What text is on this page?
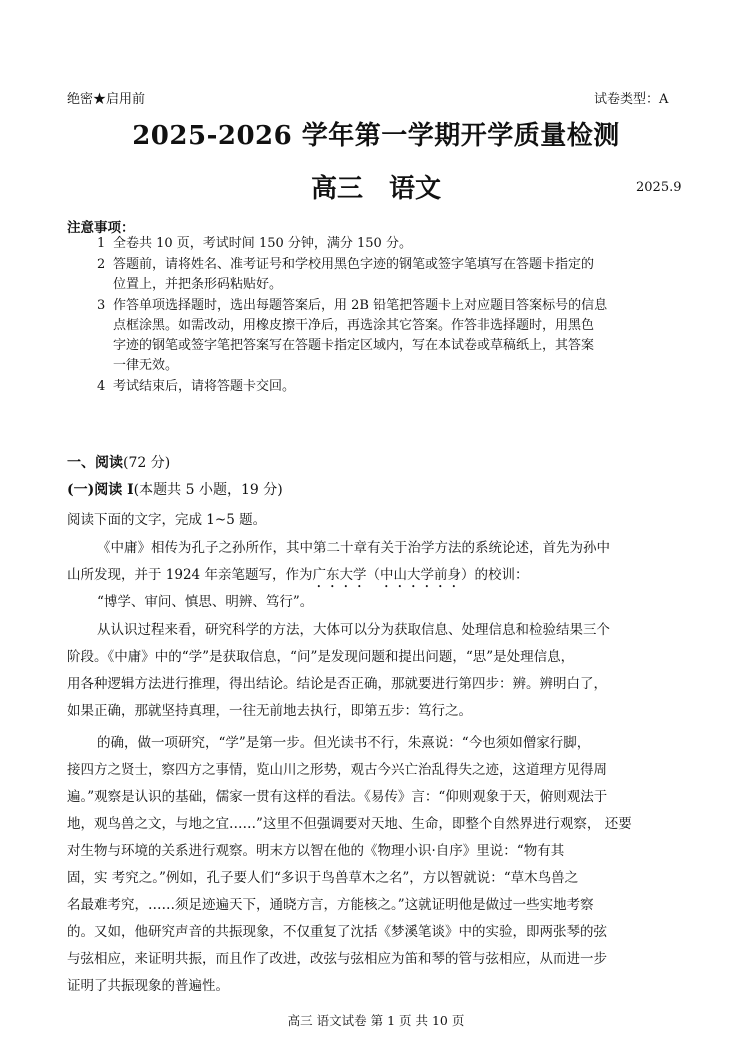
绝密★启用前	试卷类型：A
2025-2026 学年第一学期开学质量检测
高三　语文	2025.9
注意事项：
1 全卷共 10 页，考试时间 150 分钟，满分 150 分。
2 答题前，请将姓名、准考证号和学校用黑色字迹的钢笔或签字笔填写在答题卡指定的
位置上，并把条形码粘贴好。
3 作答单项选择题时，选出每题答案后，用 2B 铅笔把答题卡上对应题目答案标号的信息
点框涂黑。如需改动，用橡皮擦干净后，再选涂其它答案。作答非选择题时，用黑色
字迹的钢笔或签字笔把答案写在答题卡指定区域内，写在本试卷或草稿纸上，其答案
一律无效。
4 考试结束后，请将答题卡交回。
一、阅读(72 分)
(一)阅读 I(本题共 5 小题，19 分)
阅读下面的文字，完成 1~5 题。
《中庸》相传为孔子之孙所作，其中第二十章有关于治学方法的系统论述，首先为孙中
山所发现，并于 1924 年亲笔题写，作为广东大学（中山大学前身）的校训：
“博学、审问、慎思、明辨、笃行”。
从认识过程来看，研究科学的方法，大体可以分为获取信息、处理信息和检验结果三个
阶段。《中庸》中的“学”是获取信息，“问”是发现问题和提出问题，“思”是处理信息，
用各种逻辑方法进行推理，得出结论。结论是否正确，那就要进行第四步：辨。辨明白了，
如果正确，那就坚持真理，一往无前地去执行，即第五步：笃行之。
的确，做一项研究，“学”是第一步。但光读书不行，朱熹说：“今也须如僧家行脚，
接四方之贤士，察四方之事情，览山川之形势，观古今兴亡治乱得失之迹，这道理方见得周
遍。”观察是认识的基础，儒家一贯有这样的看法。《易传》言：“仰则观象于天，俯则观法于
地，观鸟兽之文，与地之宜……”这里不但强调要对天地、生命，即整个自然界进行观察， 还要
对生物与环境的关系进行观察。明末方以智在他的《物理小识·自序》里说：“物有其
固，实 考究之。”例如，孔子要人们“多识于鸟兽草木之名”，方以智就说：“草木鸟兽之
名最难考究，……须足迹遍天下，通晓方言，方能核之。”这就证明他是做过一些实地考察
的。又如，他研究声音的共振现象，不仅重复了沈括《梦溪笔谈》中的实验，即两张琴的弦
与弦相应，来证明共振，而且作了改进，改弦与弦相应为笛和琴的管与弦相应，从而进一步
证明了共振现象的普遍性。
高三 语文试卷 第 1 页 共 10 页
